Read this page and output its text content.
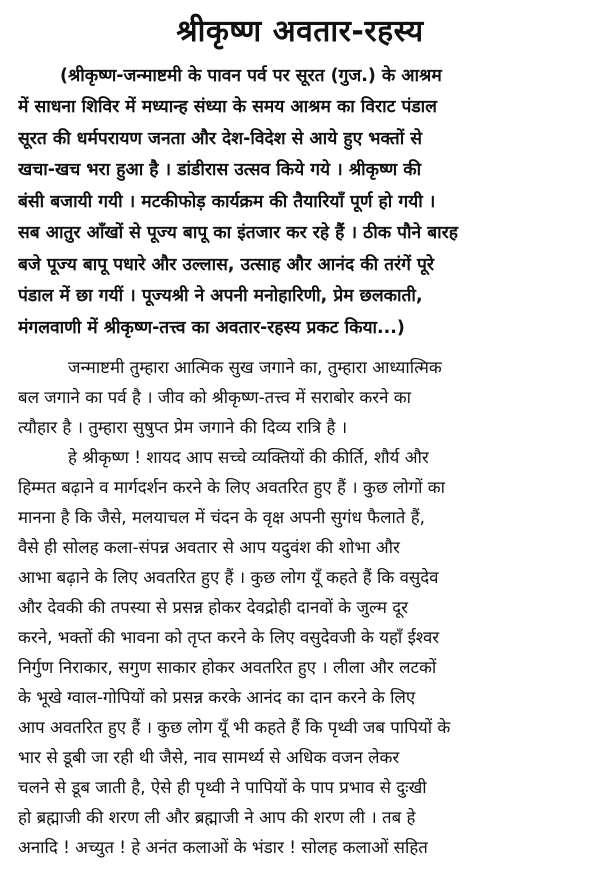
श्रीकृष्ण अवतार-रहस्य
(श्रीकृष्ण-जन्माष्टमी के पावन पर्व पर सूरत (गुज.) के आश्रम
में साधना शिविर में मध्यान्ह संध्या के समय आश्रम का विराट पंडाल
सूरत की धर्मपरायण जनता और देश-विदेश से आये हुए भक्तों से
खचा-खच भरा हुआ है । डांडीरास उत्सव किये गये । श्रीकृष्ण की
बंसी बजायी गयी । मटकीफोड़ कार्यक्रम की तैयारियाँ पूर्ण हो गयी ।
सब आतुर आँखों से पूज्य बापू का इंतजार कर रहे हैं । ठीक पौने बारह
बजे पूज्य बापू पधारे और उल्लास, उत्साह और आनंद की तरंगें पूरे
पंडाल में छा गयीं । पूज्यश्री ने अपनी मनोहारिणी, प्रेम छलकाती,
मंगलवाणी में श्रीकृष्ण-तत्त्व का अवतार-रहस्य प्रकट किया...)
जन्माष्टमी तुम्हारा आत्मिक सुख जगाने का, तुम्हारा आध्यात्मिक
बल जगाने का पर्व है । जीव को श्रीकृष्ण-तत्त्व में सराबोर करने का
त्यौहार है । तुम्हारा सुषुप्त प्रेम जगाने की दिव्य रात्रि है ।
हे श्रीकृष्ण ! शायद आप सच्चे व्यक्तियों की कीर्ति, शौर्य और
हिम्मत बढ़ाने व मार्गदर्शन करने के लिए अवतरित हुए हैं । कुछ लोगों का
मानना है कि जैसे, मलयाचल में चंदन के वृक्ष अपनी सुगंध फैलाते हैं,
वैसे ही सोलह कला-संपन्न अवतार से आप यदुवंश की शोभा और
आभा बढ़ाने के लिए अवतरित हुए हैं । कुछ लोग यूँ कहते हैं कि वसुदेव
और देवकी की तपस्या से प्रसन्न होकर देवद्रोही दानवों के जुल्म दूर
करने, भक्तों की भावना को तृप्त करने के लिए वसुदेवजी के यहाँ ईश्वर
निर्गुण निराकार, सगुण साकार होकर अवतरित हुए । लीला और लटकों
के भूखे ग्वाल-गोपियों को प्रसन्न करके आनंद का दान करने के लिए
आप अवतरित हुए हैं । कुछ लोग यूँ भी कहते हैं कि पृथ्वी जब पापियों के
भार से डूबी जा रही थी जैसे, नाव सामर्थ्य से अधिक वजन लेकर
चलने से डूब जाती है, ऐसे ही पृथ्वी ने पापियों के पाप प्रभाव से दुःखी
हो ब्रह्माजी की शरण ली और ब्रह्माजी ने आप की शरण ली । तब हे
अनादि ! अच्युत ! हे अनंत कलाओं के भंडार ! सोलह कलाओं सहित
